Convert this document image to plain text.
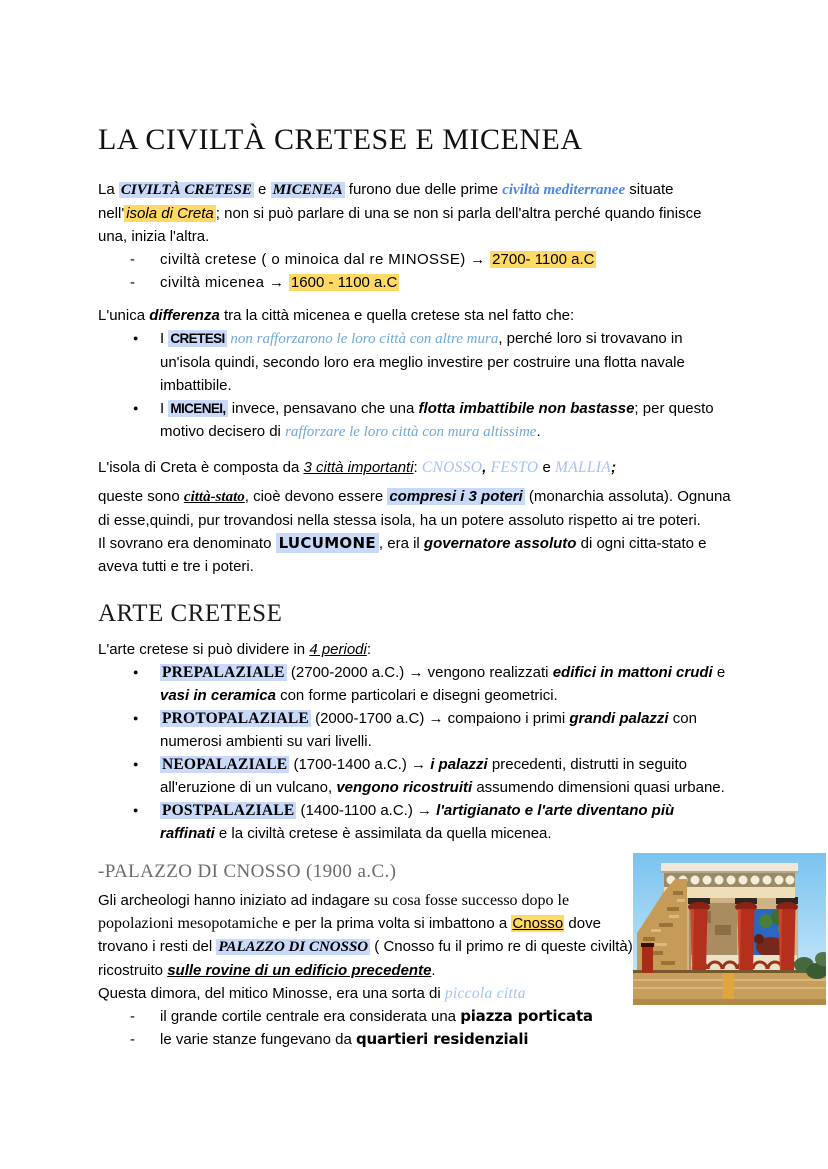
LA CIVILTÀ CRETESE E MICENEA

La CIVILTÀ CRETESE e MICENEA furono due delle prime civiltà mediterranee situate nell' isola di Creta ; non si può parlare di una se non si parla dell'altra perché quando finisce una, inizia l'altra.

-	civiltà cretese ( o minoica dal re MINOSSE) → 2700- 1100 a.C
-	civiltà micenea → 1600 - 1100 a.C

L'unica differenza tra la città micenea e quella cretese sta nel fatto che:

●	I CRETESI non rafforzarono le loro città con altre mura, perché loro si trovavano in un'isola quindi, secondo loro era meglio investire per costruire una flotta navale imbattibile.
●	I MICENEI, invece, pensavano che una flotta imbattibile non bastasse; per questo motivo decisero di rafforzare le loro città con mura altissime.

L'isola di Creta è composta da 3 città importanti: CNOSSO, FESTO e MALLIA;

queste sono città-stato, cioè devono essere compresi i 3 poteri (monarchia assoluta). Ognuna di esse,quindi, pur trovandosi nella stessa isola, ha un potere assoluto rispetto ai tre poteri.

Il sovrano era denominato LUCUMONE , era il governatore assoluto di ogni citta-stato e aveva tutti e tre i poteri.

ARTE CRETESE

L'arte cretese si può dividere in 4 periodi:

●	PREPALAZIALE (2700-2000 a.C.) → vengono realizzati edifici in mattoni crudi e vasi in ceramica con forme particolari e disegni geometrici.
●	PROTOPALAZIALE (2000-1700 a.C) → compaiono i primi grandi palazzi con numerosi ambienti su vari livelli.
●	NEOPALAZIALE (1700-1400 a.C.) → i palazzi precedenti, distrutti in seguito all'eruzione di un vulcano, vengono ricostruiti assumendo dimensioni quasi urbane.
●	POSTPALAZIALE (1400-1100 a.C.) → l'artigianato e l'arte diventano più raffinati e la civiltà cretese è assimilata da quella micenea.
-PALAZZO DI CNOSSO (1900 a.C.)

Gli archeologi hanno iniziato ad indagare su cosa fosse successo dopo le popolazioni mesopotamiche e per la prima volta si imbattono a Cnosso dove trovano i resti del PALAZZO DI CNOSSO ( Cnosso fu il primo re di queste civiltà) ricostruito sulle rovine di un edificio precedente.

Questa dimora, del mitico Minosse, era una sorta di piccola citta

-	il grande cortile centrale era considerata una piazza porticata
-	le varie stanze fungevano da quartieri residenziali
